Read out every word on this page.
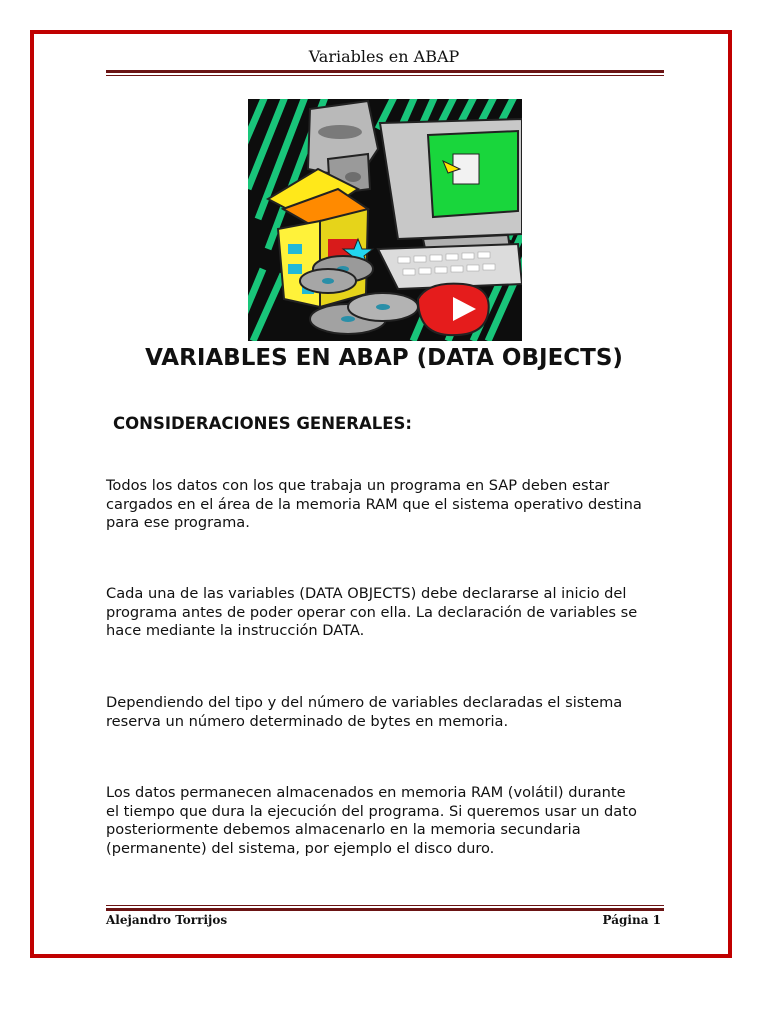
Variables en ABAP
VARIABLES EN ABAP (DATA OBJECTS)
CONSIDERACIONES GENERALES:

Todos los datos con los que trabaja un programa en SAP deben estar
cargados en el área de la memoria RAM que el sistema operativo destina
para ese programa.

Cada una de las variables (DATA OBJECTS) debe declararse al inicio del
programa antes de poder operar con ella. La declaración de variables se
hace mediante la instrucción DATA.

Dependiendo del tipo y del número de variables declaradas el sistema
reserva un número determinado de bytes en memoria.

Los datos permanecen almacenados en memoria RAM (volátil) durante
el tiempo que dura la ejecución del programa. Si queremos usar un dato
posteriormente debemos almacenarlo en la memoria secundaria
(permanente) del sistema, por ejemplo el disco duro.

Alejandro Torrijos	Página 1
